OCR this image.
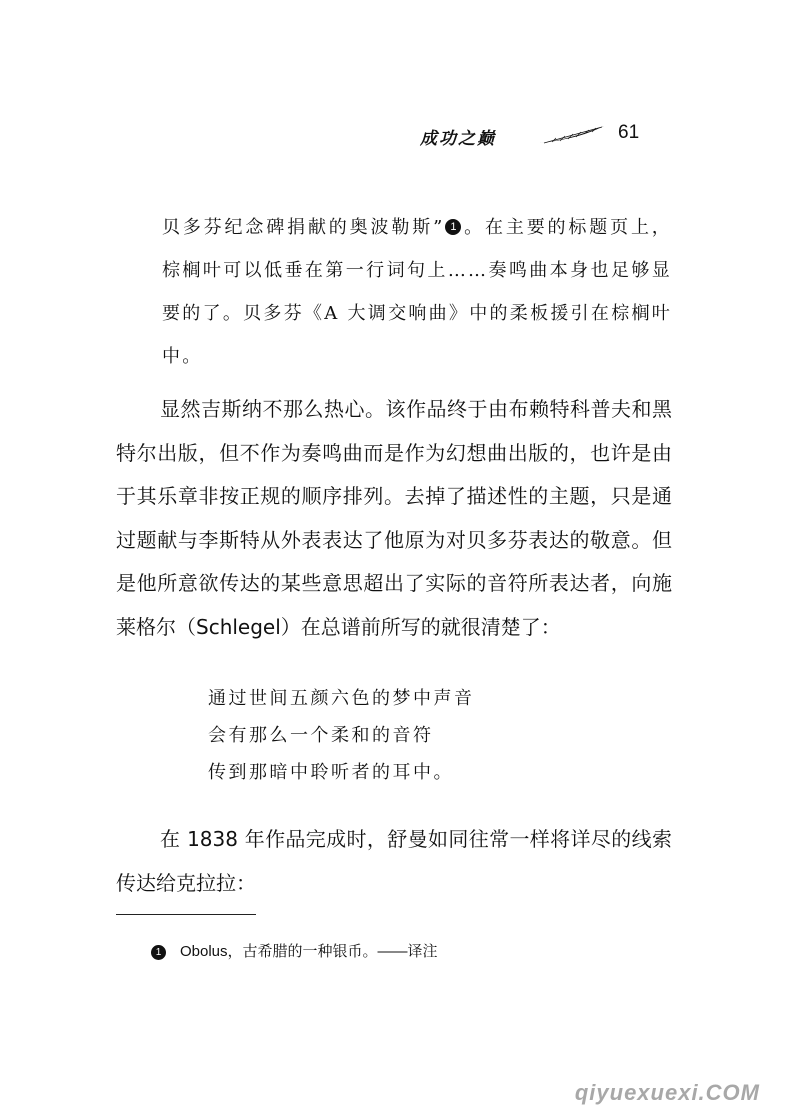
成功之巅	61

贝多芬纪念碑捐献的奥波勒斯” 1 。在主要的标题页上，棕榈叶可以低垂在第一行词句上……奏鸣曲本身也足够显要的了。贝多芬《A 大调交响曲》中的柔板援引在棕榈叶中。

显然吉斯纳不那么热心。该作品终于由布赖特科普夫和黑特尔出版，但不作为奏鸣曲而是作为幻想曲出版的，也许是由于其乐章非按正规的顺序排列。去掉了描述性的主题，只是通过题献与李斯特从外表表达了他原为对贝多芬表达的敬意。但是他所意欲传达的某些意思超出了实际的音符所表达者，向施莱格尔（Schlegel）在总谱前所写的就很清楚了：

通过世间五颜六色的梦中声音
会有那么一个柔和的音符
传到那暗中聆听者的耳中。

在 1838 年作品完成时，舒曼如同往常一样将详尽的线索传达给克拉拉：

1 Obolus，古希腊的一种银币。——译注
qiyuexuexi.COM
